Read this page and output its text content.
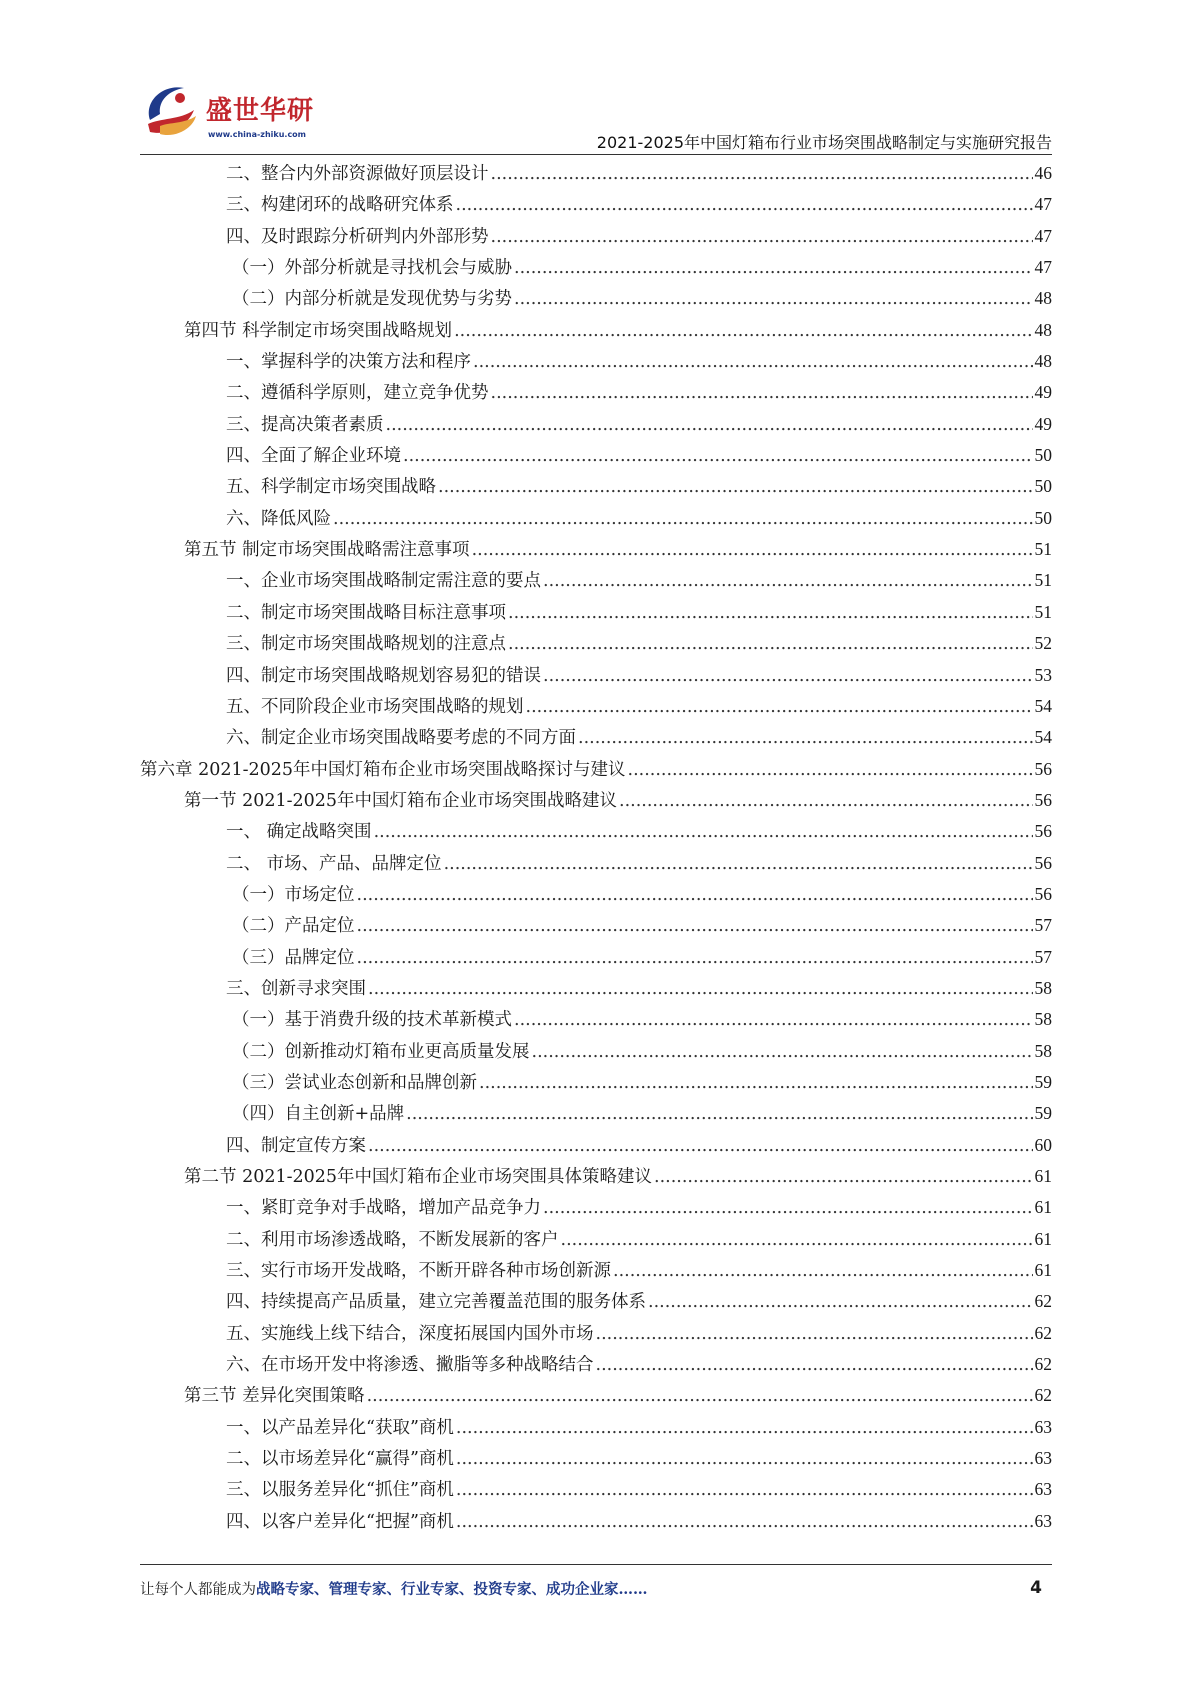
盛世华研
www.china-zhiku.com	2021-2025年中国灯箱布行业市场突围战略制定与实施研究报告
二、整合内外部资源做好顶层设计 .....	46
三、构建闭环的战略研究体系 .....	47
四、及时跟踪分析研判内外部形势 .....	47
（一）外部分析就是寻找机会与威胁 .....	47
（二）内部分析就是发现优势与劣势 .....	48
第四节 科学制定市场突围战略规划 .....	48
一、掌握科学的决策方法和程序 .....	48
二、遵循科学原则，建立竞争优势 .....	49
三、提高决策者素质 .....	49
四、全面了解企业环境 .....	50
五、科学制定市场突围战略 .....	50
六、降低风险 .....	50
第五节 制定市场突围战略需注意事项 .....	51
一、企业市场突围战略制定需注意的要点 .....	51
二、制定市场突围战略目标注意事项 .....	51
三、制定市场突围战略规划的注意点 .....	52
四、制定市场突围战略规划容易犯的错误 .....	53
五、不同阶段企业市场突围战略的规划 .....	54
六、制定企业市场突围战略要考虑的不同方面 .....	54
第六章 2021-2025年中国灯箱布企业市场突围战略探讨与建议 .....	56
第一节 2021-2025年中国灯箱布企业市场突围战略建议 .....	56
一、 确定战略突围 .....	56
二、 市场、产品、品牌定位 .....	56
（一）市场定位 .....	56
（二）产品定位 .....	57
（三）品牌定位 .....	57
三、创新寻求突围 .....	58
（一）基于消费升级的技术革新模式 .....	58
（二）创新推动灯箱布业更高质量发展 .....	58
（三）尝试业态创新和品牌创新 .....	59
（四）自主创新+品牌 .....	59
四、制定宣传方案 .....	60
第二节 2021-2025年中国灯箱布企业市场突围具体策略建议 .....	61
一、紧盯竞争对手战略，增加产品竞争力 .....	61
二、利用市场渗透战略，不断发展新的客户 .....	61
三、实行市场开发战略，不断开辟各种市场创新源 .....	61
四、持续提高产品质量，建立完善覆盖范围的服务体系 .....	62
五、实施线上线下结合，深度拓展国内国外市场 .....	62
六、在市场开发中将渗透、撇脂等多种战略结合 .....	62
第三节 差异化突围策略 .....	62
一、以产品差异化“获取”商机 .....	63
二、以市场差异化“赢得”商机 .....	63
三、以服务差异化“抓住”商机 .....	63
四、以客户差异化“把握”商机 .....	63
让每个人都能成为战略专家、管理专家、行业专家、投资专家、成功企业家……	4
